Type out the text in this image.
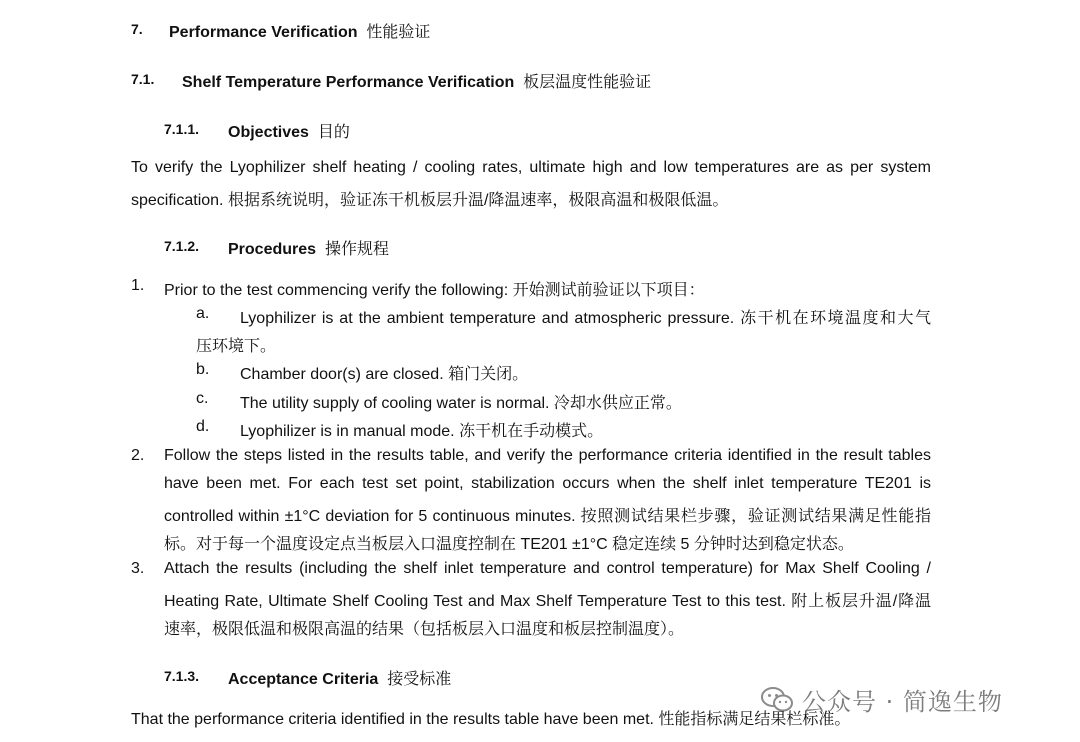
7. Performance Verification 性能验证
7.1. Shelf Temperature Performance Verification 板层温度性能验证
7.1.1. Objectives 目的
To verify the Lyophilizer shelf heating / cooling rates, ultimate high and low temperatures are as per system
specification. 根据系统说明，验证冻干机板层升温/降温速率，极限高温和极限低温。
7.1.2. Procedures 操作规程
1. Prior to the test commencing verify the following: 开始测试前验证以下项目：
a. Lyophilizer is at the ambient temperature and atmospheric pressure. 冻干机在环境温度和大气
压环境下。
b. Chamber door(s) are closed. 箱门关闭。
c. The utility supply of cooling water is normal. 冷却水供应正常。
d. Lyophilizer is in manual mode. 冻干机在手动模式。
2. Follow the steps listed in the results table, and verify the performance criteria identified in the result tables
have been met. For each test set point, stabilization occurs when the shelf inlet temperature TE201 is
controlled within ±1°C deviation for 5 continuous minutes. 按照测试结果栏步骤，验证测试结果满足性能指
标。对于每一个温度设定点当板层入口温度控制在 TE201 ±1°C 稳定连续 5 分钟时达到稳定状态。
3. Attach the results (including the shelf inlet temperature and control temperature) for Max Shelf Cooling /
Heating Rate, Ultimate Shelf Cooling Test and Max Shelf Temperature Test to this test. 附上板层升温/降温
速率，极限低温和极限高温的结果（包括板层入口温度和板层控制温度）。
7.1.3. Acceptance Criteria 接受标准
That the performance criteria identified in the results table have been met. 性能指标满足结果栏标准。
公众号 · 简逸生物
